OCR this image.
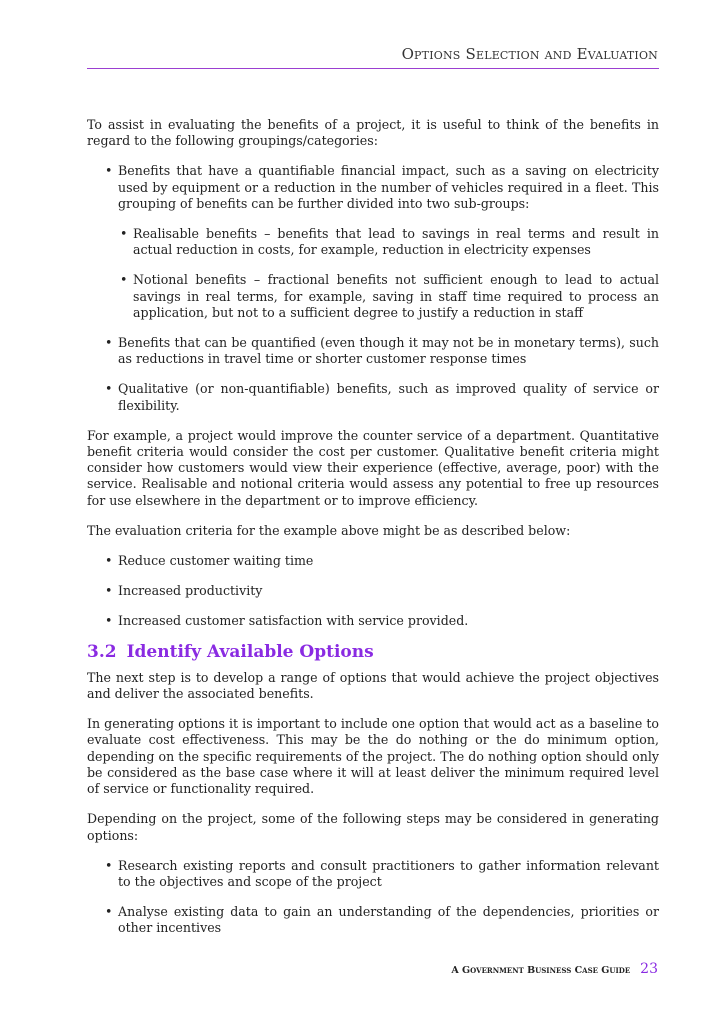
Options Selection and Evaluation

To assist in evaluating the benefits of a project, it is useful to think of the benefits in regard to the following groupings/categories:

• Benefits that have a quantifiable financial impact, such as a saving on electricity used by equipment or a reduction in the number of vehicles required in a fleet. This grouping of benefits can be further divided into two sub-groups:
• Realisable benefits – benefits that lead to savings in real terms and result in actual reduction in costs, for example, reduction in electricity expenses
• Notional benefits – fractional benefits not sufficient enough to lead to actual savings in real terms, for example, saving in staff time required to process an application, but not to a sufficient degree to justify a reduction in staff
• Benefits that can be quantified (even though it may not be in monetary terms), such as reductions in travel time or shorter customer response times
• Qualitative (or non-quantifiable) benefits, such as improved quality of service or flexibility.

For example, a project would improve the counter service of a department. Quantitative benefit criteria would consider the cost per customer. Qualitative benefit criteria might consider how customers would view their experience (effective, average, poor) with the service. Realisable and notional criteria would assess any potential to free up resources for use elsewhere in the department or to improve efficiency.

The evaluation criteria for the example above might be as described below:

• Reduce customer waiting time
• Increased productivity
• Increased customer satisfaction with service provided.

3.2 Identify Available Options

The next step is to develop a range of options that would achieve the project objectives and deliver the associated benefits.

In generating options it is important to include one option that would act as a baseline to evaluate cost effectiveness. This may be the do nothing or the do minimum option, depending on the specific requirements of the project. The do nothing option should only be considered as the base case where it will at least deliver the minimum required level of service or functionality required.

Depending on the project, some of the following steps may be considered in generating options:

• Research existing reports and consult practitioners to gather information relevant to the objectives and scope of the project
• Analyse existing data to gain an understanding of the dependencies, priorities or other incentives
A Government Business Case Guide 23
